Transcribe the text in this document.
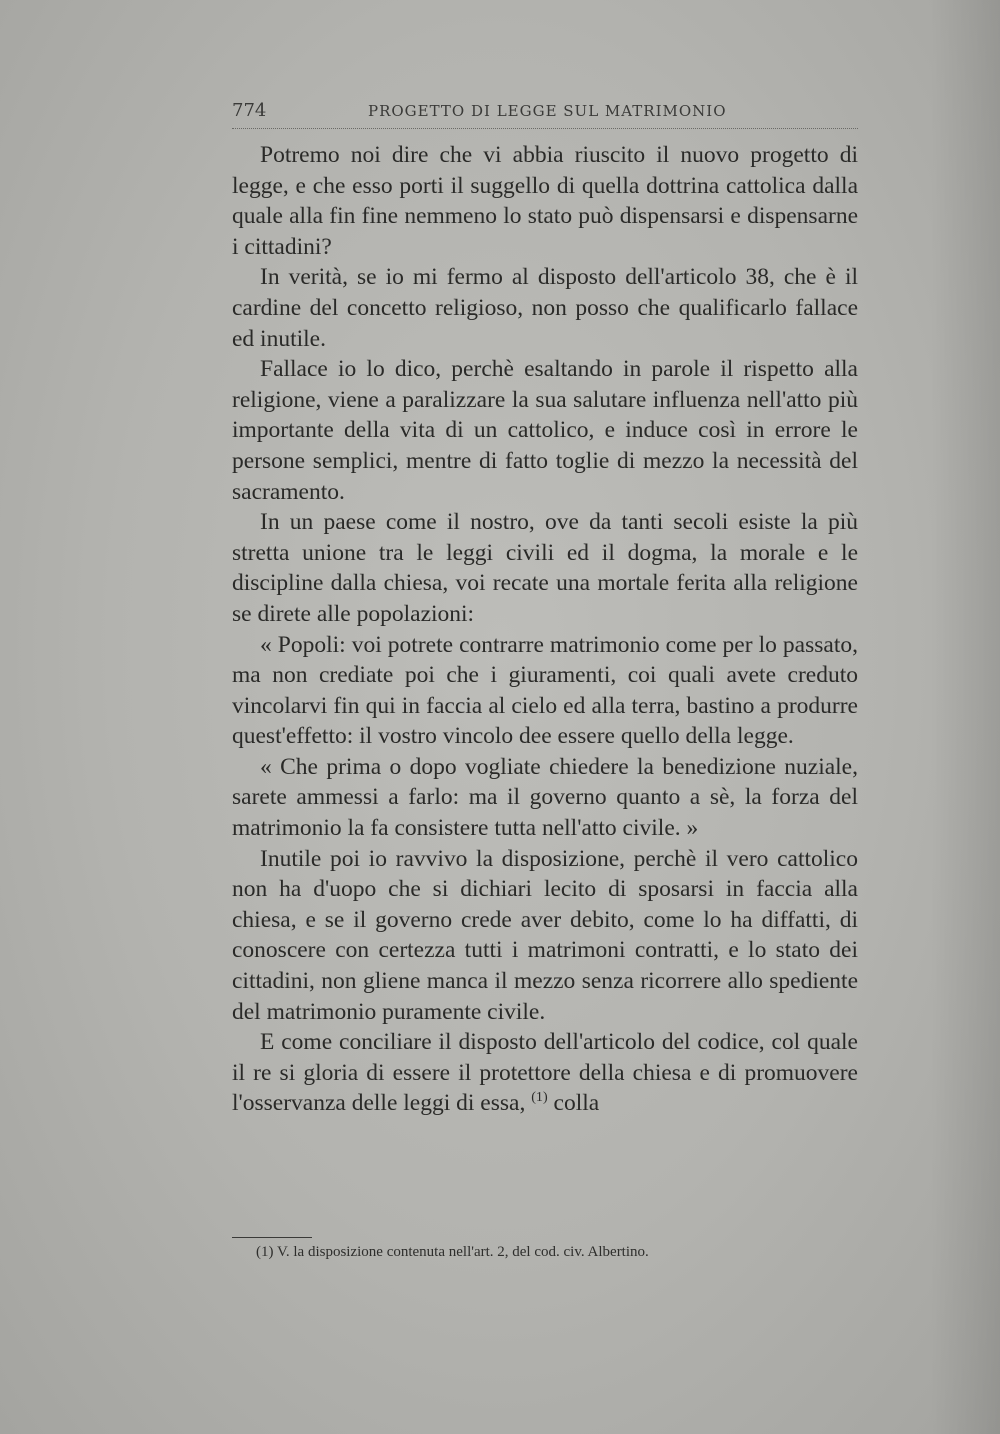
774	PROGETTO DI LEGGE SUL MATRIMONIO

Potremo noi dire che vi abbia riuscito il nuovo progetto di legge, e che esso porti il suggello di quella dottrina cattolica dalla quale alla fin fine nemmeno lo stato può dispensarsi e dispensarne i cittadini?

In verità, se io mi fermo al disposto dell'articolo 38, che è il cardine del concetto religioso, non posso che qualificarlo fallace ed inutile.

Fallace io lo dico, perchè esaltando in parole il rispetto alla religione, viene a paralizzare la sua salutare influenza nell'atto più importante della vita di un cattolico, e induce così in errore le persone semplici, mentre di fatto toglie di mezzo la necessità del sacramento.

In un paese come il nostro, ove da tanti secoli esiste la più stretta unione tra le leggi civili ed il dogma, la morale e le discipline dalla chiesa, voi recate una mortale ferita alla religione se direte alle popolazioni:

« Popoli: voi potrete contrarre matrimonio come per lo passato, ma non crediate poi che i giuramenti, coi quali avete creduto vincolarvi fin qui in faccia al cielo ed alla terra, bastino a produrre quest'effetto: il vostro vincolo dee essere quello della legge.

« Che prima o dopo vogliate chiedere la benedizione nuziale, sarete ammessi a farlo: ma il governo quanto a sè, la forza del matrimonio la fa consistere tutta nell'atto civile. »

Inutile poi io ravvivo la disposizione, perchè il vero cattolico non ha d'uopo che si dichiari lecito di sposarsi in faccia alla chiesa, e se il governo crede aver debito, come lo ha diffatti, di conoscere con certezza tutti i matrimoni contratti, e lo stato dei cittadini, non gliene manca il mezzo senza ricorrere allo spediente del matrimonio puramente civile.

E come conciliare il disposto dell'articolo del codice, col quale il re si gloria di essere il protettore della chiesa e di promuovere l'osservanza delle leggi di essa, $^{(1)}$ colla

(1) V. la disposizione contenuta nell'art. 2, del cod. civ. Albertino.
